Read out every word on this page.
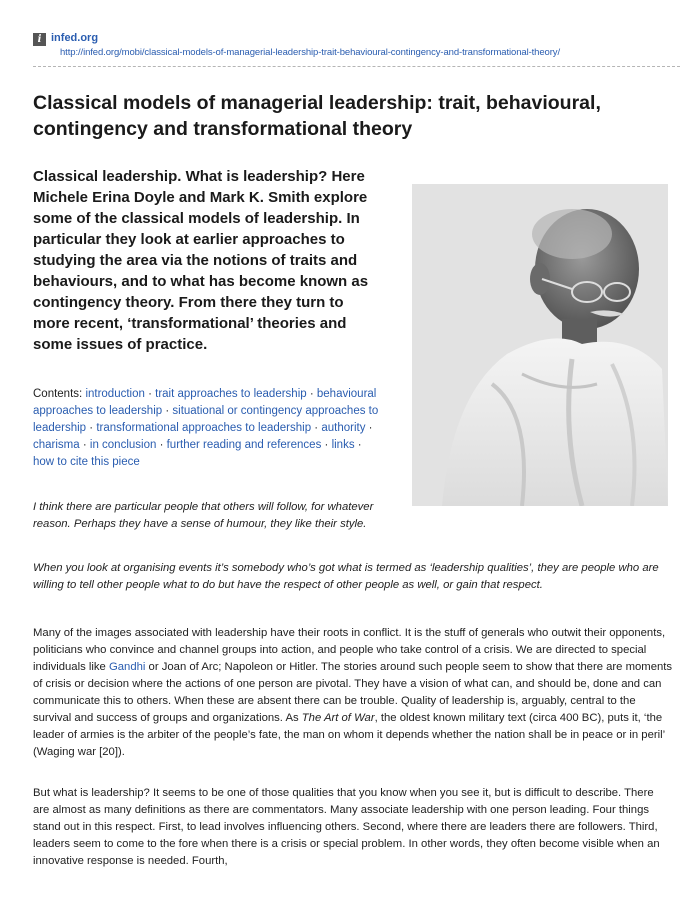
i infed.org
http://infed.org/mobi/classical-models-of-managerial-leadership-trait-behavioural-contingency-and-transformational-theory/
Classical models of managerial leadership: trait, behavioural, contingency and transformational theory

Classical leadership. What is leadership? Here Michele Erina Doyle and Mark K. Smith explore some of the classical models of leadership. In particular they look at earlier approaches to studying the area via the notions of traits and behaviours, and to what has become known as contingency theory. From there they turn to more recent, ‘transformational’ theories and some issues of practice.

Contents: introduction · trait approaches to leadership · behavioural approaches to leadership · situational or contingency approaches to leadership · transformational approaches to leadership · authority · charisma · in conclusion · further reading and references · links · how to cite this piece

I think there are particular people that others will follow, for whatever reason. Perhaps they have a sense of humour, they like their style.

When you look at organising events it’s somebody who’s got what is termed as ‘leadership qualities’, they are people who are willing to tell other people what to do but have the respect of other people as well, or gain that respect.

Many of the images associated with leadership have their roots in conflict. It is the stuff of generals who outwit their opponents, politicians who convince and channel groups into action, and people who take control of a crisis. We are directed to special individuals like Gandhi or Joan of Arc; Napoleon or Hitler. The stories around such people seem to show that there are moments of crisis or decision where the actions of one person are pivotal. They have a vision of what can, and should be, done and can communicate this to others. When these are absent there can be trouble. Quality of leadership is, arguably, central to the survival and success of groups and organizations. As The Art of War, the oldest known military text (circa 400 BC), puts it, ‘the leader of armies is the arbiter of the people’s fate, the man on whom it depends whether the nation shall be in peace or in peril’ (Waging war [20]).

But what is leadership? It seems to be one of those qualities that you know when you see it, but is difficult to describe. There are almost as many definitions as there are commentators. Many associate leadership with one person leading. Four things stand out in this respect. First, to lead involves influencing others. Second, where there are leaders there are followers. Third, leaders seem to come to the fore when there is a crisis or special problem. In other words, they often become visible when an innovative response is needed. Fourth,
